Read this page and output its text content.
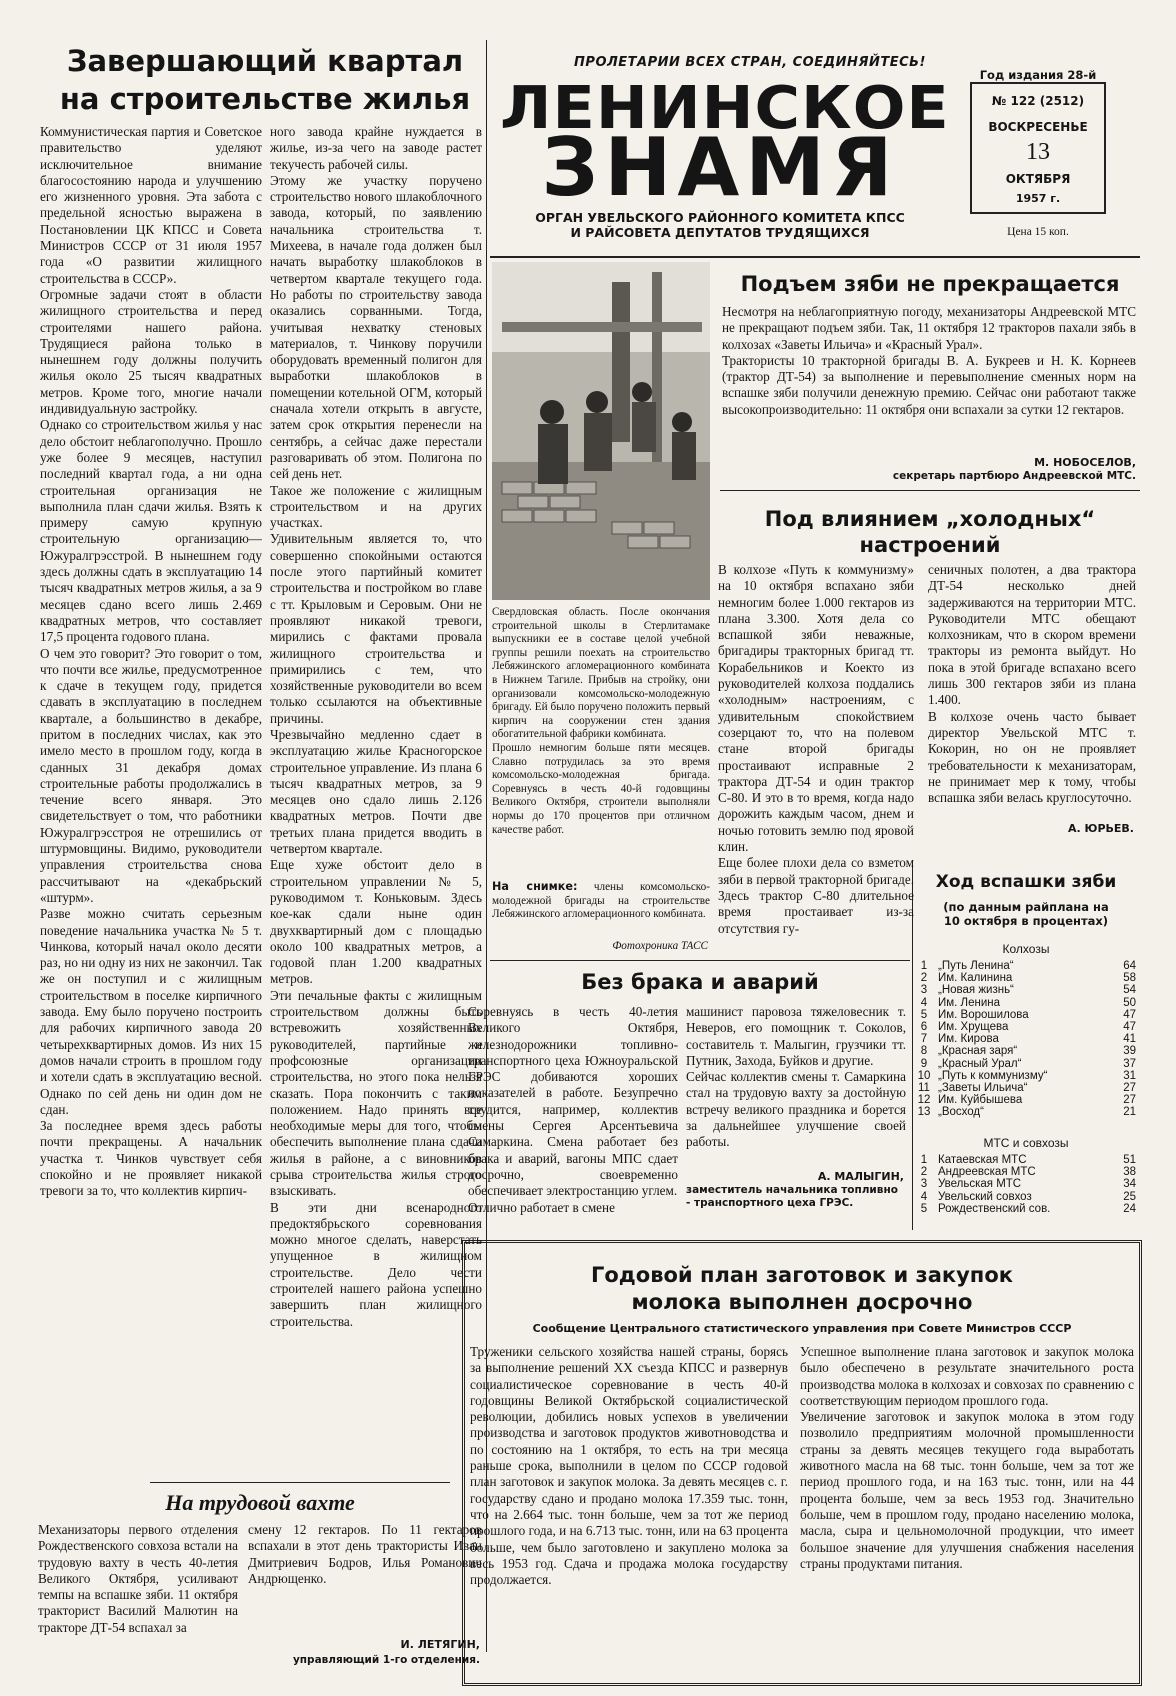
ПРОЛЕТАРИИ ВСЕХ СТРАН, СОЕДИНЯЙТЕСЬ!
ЛЕНИНСКОЕ
ЗНАМЯ
ОРГАН УВЕЛЬСКОГО РАЙОННОГО КОМИТЕТА КПСС
И РАЙСОВЕТА ДЕПУТАТОВ ТРУДЯЩИХСЯ
Год издания 28-й
№ 122 (2512)
ВОСКРЕСЕНЬЕ
13
ОКТЯБРЯ
1957 г.
Цена 15 коп.
Завершающий квартал
на строительстве жилья
Коммунистическая партия и Советское правительство уделяют исключительное внимание благосостоянию народа и улучшению его жизненного уровня. Эта забота с предельной ясностью выражена в Постановлении ЦК КПСС и Совета Министров СССР от 31 июля 1957 года «О развитии жилищного строительства в СССР».
Огромные задачи стоят в области жилищного строительства и перед строителями нашего района. Трудящиеся района только в нынешнем году должны получить жилья около 25 тысяч квадратных метров. Кроме того, многие начали индивидуальную застройку.
Однако со строительством жилья у нас дело обстоит неблагополучно. Прошло уже более 9 месяцев, наступил последний квартал года, а ни одна строительная организация не выполнила план сдачи жилья. Взять к примеру самую крупную строительную организацию—Южуралгрэсстрой. В нынешнем году здесь должны сдать в эксплуатацию 14 тысяч квадратных метров жилья, а за 9 месяцев сдано всего лишь 2.469 квадратных метров, что составляет 17,5 процента годового плана.
О чем это говорит? Это говорит о том, что почти все жилье, предусмотренное к сдаче в текущем году, придется сдавать в эксплуатацию в последнем квартале, а большинство в декабре, притом в последних числах, как это имело место в прошлом году, когда в сданных 31 декабря домах строительные работы продолжались в течение всего января. Это свидетельствует о том, что работники Южуралгрэсстроя не отрешились от штурмовщины. Видимо, руководители управления строительства снова рассчитывают на «декабрьский «штурм».
Разве можно считать серьезным поведение начальника участка № 5 т. Чинкова, который начал около десяти раз, но ни одну из них не закончил. Так же он поступил и с жилищным строительством в поселке кирпичного завода. Ему было поручено построить для рабочих кирпичного завода 20 четырехквартирных домов. Из них 15 домов начали строить в прошлом году и хотели сдать в эксплуатацию весной. Однако по сей день ни один дом не сдан.
За последнее время здесь работы почти прекращены. А начальник участка т. Чинков чувствует себя спокойно и не проявляет никакой тревоги за то, что коллектив кирпич-
ного завода крайне нуждается в жилье, из-за чего на заводе растет текучесть рабочей силы.
Этому же участку поручено строительство нового шлакоблочного завода, который, по заявлению начальника строительства т. Михеева, в начале года должен был начать выработку шлакоблоков в четвертом квартале текущего года. Но работы по строительству завода оказались сорванными. Тогда, учитывая нехватку стеновых материалов, т. Чинкову поручили оборудовать временный полигон для выработки шлакоблоков в помещении котельной ОГМ, который сначала хотели открыть в августе, затем срок открытия перенесли на сентябрь, а сейчас даже перестали разговаривать об этом. Полигона по сей день нет.
Такое же положение с жилищным строительством и на других участках.
Удивительным является то, что совершенно спокойными остаются после этого партийный комитет строительства и постройком во главе с тт. Крыловым и Серовым. Они не проявляют никакой тревоги, мирились с фактами провала жилищного строительства и примирились с тем, что хозяйственные руководители во всем только ссылаются на объективные причины.
Чрезвычайно медленно сдает в эксплуатацию жилье Красногорское строительное управление. Из плана 6 тысяч квадратных метров, за 9 месяцев оно сдало лишь 2.126 квадратных метров. Почти две третьих плана придется вводить в четвертом квартале.
Еще хуже обстоит дело в строительном управлении № 5, руководимом т. Коньковым. Здесь кое-как сдали ныне один двухквартирный дом с площадью около 100 квадратных метров, а годовой план 1.200 квадратных метров.
Эти печальные факты с жилищным строительством должны быть встревожить хозяйственных руководителей, партийные и профсоюзные организации строительства, но этого пока нельзя сказать. Пора покончить с таким положением. Надо принять все необходимые меры для того, чтобы обеспечить выполнение плана сдачи жилья в районе, а с виновников срыва строительства жилья строго взыскивать.
В эти дни всенародного предоктябрьского соревнования можно многое сделать, наверстать упущенное в жилищном строительстве. Дело чести строителей нашего района успешно завершить план жилищного строительства.
На трудовой вахте
Механизаторы первого отделения Рождественского совхоза встали на трудовую вахту в честь 40-летия Великого Октября, усиливают темпы на вспашке зяби. 11 октября тракторист Василий Малютин на тракторе ДТ-54 вспахал за
смену 12 гектаров. По 11 гектаров вспахали в этот день трактористы Иван Дмитриевич Бодров, Илья Романович Андрющенко.
И. ЛЕТЯГИН,
управляющий 1-го отделения.
Свердловская область. После окончания строительной школы в Стерлитамаке выпускники ее в составе целой учебной группы решили поехать на строительство Лебяжинского агломерационного комбината в Нижнем Тагиле. Прибыв на стройку, они организовали комсомольско-молодежную бригаду. Ей было поручено положить первый кирпич на сооружении стен здания обогатительной фабрики комбината.
Прошло немногим больше пяти месяцев. Славно потрудилась за это время комсомольско-молодежная бригада. Соревнуясь в честь 40-й годовщины Великого Октября, строители выполняли нормы до 170 процентов при отличном качестве работ.
На снимке: члены комсомольско-молодежной бригады на строительстве Лебяжинского агломерационного комбината.
Фотохроника ТАСС
Подъем зяби не прекращается
Несмотря на неблагоприятную погоду, механизаторы Андреевской МТС не прекращают подъем зяби. Так, 11 октября 12 тракторов пахали зябь в колхозах «Заветы Ильича» и «Красный Урал».
Трактористы 10 тракторной бригады В. А. Букреев и Н. К. Корнеев (трактор ДТ-54) за выполнение и перевыполнение сменных норм на вспашке зяби получили денежную премию. Сейчас они работают также высокопроизводительно: 11 октября они вспахали за сутки 12 гектаров.
М. НОБОСЕЛОВ,
секретарь партбюро Андреевской МТС.
Под влиянием „холодных“
настроений
В колхозе «Путь к коммунизму» на 10 октября вспахано зяби немногим более 1.000 гектаров из плана 3.300. Хотя дела со вспашкой зяби неважные, бригадиры тракторных бригад тт. Корабельников и Коекто из руководителей колхоза поддались «холодным» настроениям, с удивительным спокойствием созерцают то, что на полевом стане второй бригады простаивают исправные 2 трактора ДТ-54 и один трактор С-80. И это в то время, когда надо дорожить каждым часом, днем и ночью готовить землю под яровой клин.
Еще более плохи дела со взметом зяби в первой тракторной бригаде. Здесь трактор С-80 длительное время простаивает из-за отсутствия гу-
сеничных полотен, а два трактора ДТ-54 несколько дней задерживаются на территории МТС. Руководители МТС обещают колхозникам, что в скором времени тракторы из ремонта выйдут. Но пока в этой бригаде вспахано всего лишь 300 гектаров зяби из плана 1.400.
В колхозе очень часто бывает директор Увельской МТС т. Кокорин, но он не проявляет требовательности к механизаторам, не принимает мер к тому, чтобы вспашка зяби велась круглосуточно.
А. ЮРЬЕВ.
Без брака и аварий
Соревнуясь в честь 40-летия Великого Октября, железнодорожники топливно-транспортного цеха Южноуральской ГРЭС добиваются хороших показателей в работе. Безупречно трудится, например, коллектив смены Сергея Арсентьевича Самаркина. Смена работает без брака и аварий, вагоны МПС сдает досрочно, своевременно обеспечивает электростанцию углем.
Отлично работает в смене
машинист паровоза тяжеловесник т. Неверов, его помощник т. Соколов, составитель т. Малыгин, грузчики тт. Путник, Захода, Буйков и другие.
Сейчас коллектив смены т. Самаркина стал на трудовую вахту за достойную встречу великого праздника и борется за дальнейшее улучшение своей работы.
А. МАЛЫГИН,
заместитель начальника топливно - транспортного цеха ГРЭС.
Ход вспашки зяби
(по данным райплана на
10 октября в процентах)
Колхозы
1	„Путь Ленина“	64
2	Им. Калинина	58
3	„Новая жизнь“	54
4	Им. Ленина	50
5	Им. Ворошилова	47
6	Им. Хрущева	47
7	Им. Кирова	41
8	„Красная заря“	39
9	„Красный Урал“	37
10	„Путь к коммунизму“	31
11	„Заветы Ильича“	27
12	Им. Куйбышева	27
13	„Восход“	21
МТС и совхозы
1	Катаевская МТС	51
2	Андреевская МТС	38
3	Увельская МТС	34
4	Увельский совхоз	25
5	Рождественский сов.	24
Годовой план заготовок и закупок
молока выполнен досрочно
Сообщение Центрального статистического управления при Совете Министров СССР
Труженики сельского хозяйства нашей страны, борясь за выполнение решений XX съезда КПСС и развернув социалистическое соревнование в честь 40-й годовщины Великой Октябрьской социалистической революции, добились новых успехов в увеличении производства и заготовок продуктов животноводства и по состоянию на 1 октября, то есть на три месяца раньше срока, выполнили в целом по СССР годовой план заготовок и закупок молока. За девять месяцев с. г. государству сдано и продано молока 17.359 тыс. тонн, что на 2.664 тыс. тонн больше, чем за тот же период прошлого года, и на 6.713 тыс. тонн, или на 63 процента больше, чем было заготовлено и закуплено молока за весь 1953 год. Сдача и продажа молока государству продолжается.
Успешное выполнение плана заготовок и закупок молока было обеспечено в результате значительного роста производства молока в колхозах и совхозах по сравнению с соответствующим периодом прошлого года.
Увеличение заготовок и закупок молока в этом году позволило предприятиям молочной промышленности страны за девять месяцев текущего года выработать животного масла на 68 тыс. тонн больше, чем за тот же период прошлого года, и на 163 тыс. тонн, или на 44 процента больше, чем за весь 1953 год. Значительно больше, чем в прошлом году, продано населению молока, масла, сыра и цельномолочной продукции, что имеет большое значение для улучшения снабжения населения страны продуктами питания.
